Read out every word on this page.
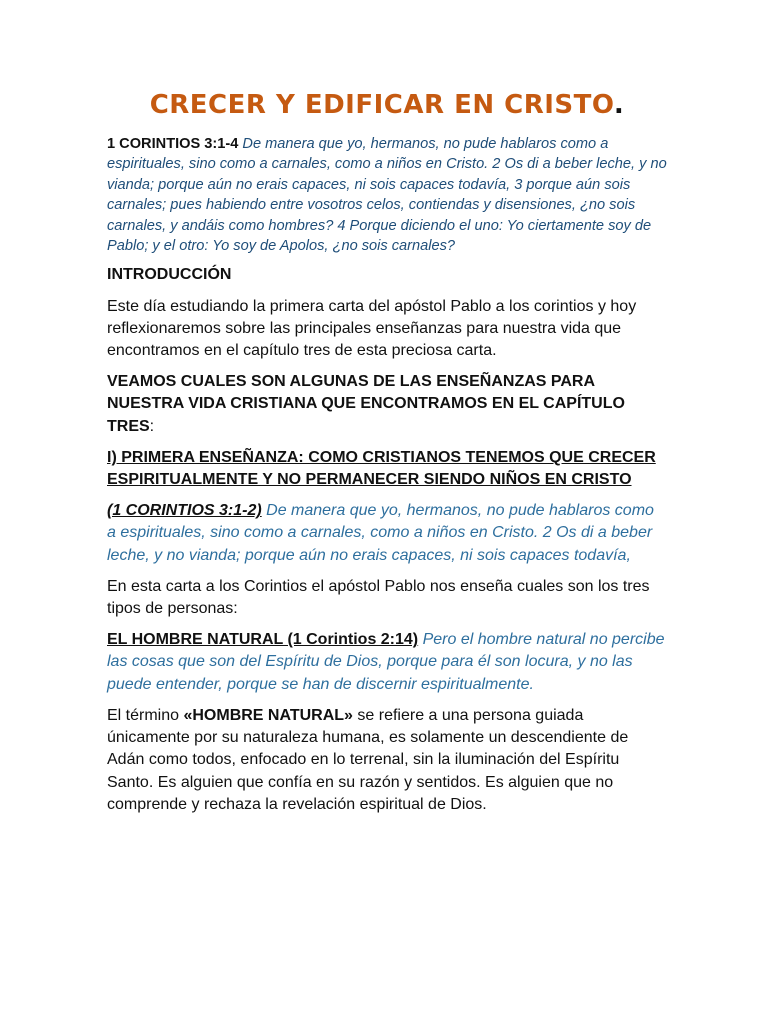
CRECER Y EDIFICAR EN CRISTO.

1 CORINTIOS 3:1-4 De manera que yo, hermanos, no pude hablaros como a espirituales, sino como a carnales, como a niños en Cristo. 2 Os di a beber leche, y no vianda; porque aún no erais capaces, ni sois capaces todavía, 3 porque aún sois carnales; pues habiendo entre vosotros celos, contiendas y disensiones, ¿no sois carnales, y andáis como hombres? 4 Porque diciendo el uno: Yo ciertamente soy de Pablo; y el otro: Yo soy de Apolos, ¿no sois carnales?

INTRODUCCIÓN

Este día estudiando la primera carta del apóstol Pablo a los corintios y hoy reflexionaremos sobre las principales enseñanzas para nuestra vida que encontramos en el capítulo tres de esta preciosa carta.

VEAMOS CUALES SON ALGUNAS DE LAS ENSEÑANZAS PARA NUESTRA VIDA CRISTIANA QUE ENCONTRAMOS EN EL CAPÍTULO TRES:

I) PRIMERA ENSEÑANZA: COMO CRISTIANOS TENEMOS QUE CRECER ESPIRITUALMENTE Y NO PERMANECER SIENDO NIÑOS EN CRISTO

(1 CORINTIOS 3:1-2) De manera que yo, hermanos, no pude hablaros como a espirituales, sino como a carnales, como a niños en Cristo. 2 Os di a beber leche, y no vianda; porque aún no erais capaces, ni sois capaces todavía,

En esta carta a los Corintios el apóstol Pablo nos enseña cuales son los tres tipos de personas:

EL HOMBRE NATURAL (1 Corintios 2:14) Pero el hombre natural no percibe las cosas que son del Espíritu de Dios, porque para él son locura, y no las puede entender, porque se han de discernir espiritualmente.

El término «HOMBRE NATURAL» se refiere a una persona guiada únicamente por su naturaleza humana, es solamente un descendiente de Adán como todos, enfocado en lo terrenal, sin la iluminación del Espíritu Santo. Es alguien que confía en su razón y sentidos. Es alguien que no comprende y rechaza la revelación espiritual de Dios.
